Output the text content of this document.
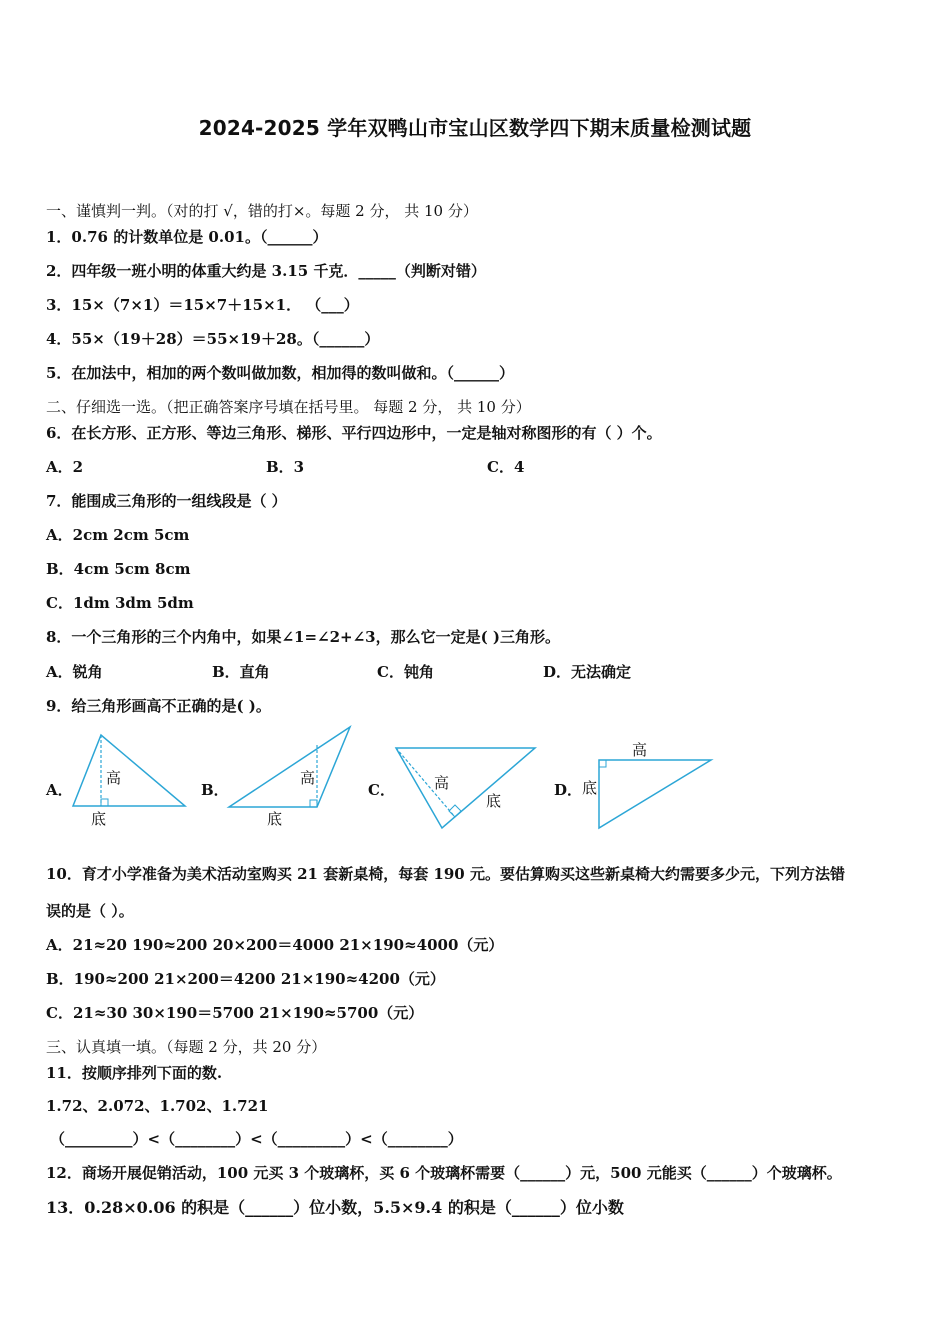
2024-2025 学年双鸭山市宝山区数学四下期末质量检测试题
一、谨慎判一判。（对的打 √，错的打×。每题 2 分， 共 10 分）
1．0.76 的计数单位是 0.01。（______）
2．四年级一班小明的体重大约是 3.15 千克．_____（判断对错）
3．15×（7×1）＝15×7＋15×1． （___）
4．55×（19＋28）＝55×19＋28。（______）
5．在加法中，相加的两个数叫做加数，相加得的数叫做和。（______）
二、仔细选一选。（把正确答案序号填在括号里。 每题 2 分， 共 10 分）
6．在长方形、正方形、等边三角形、梯形、平行四边形中，一定是轴对称图形的有（ ）个。
A．2	B．3	C．4
7．能围成三角形的一组线段是（ ）
A．2cm 2cm 5cm
B．4cm 5cm 8cm
C．1dm 3dm 5dm
8．一个三角形的三个内角中，如果∠1=∠2+∠3，那么它一定是( )三角形。
A．锐角	B．直角	C．钝角	D．无法确定
9．给三角形画高不正确的是( )。
A．	B．	C．	D．
高
底
高
底
高
底
高
底
10．育才小学准备为美术活动室购买 21 套新桌椅，每套 190 元。要估算购买这些新桌椅大约需要多少元，下列方法错
误的是（ ）。
A．21≈20 190≈200 20×200＝4000 21×190≈4000（元）
B．190≈200 21×200＝4200 21×190≈4200（元）
C．21≈30 30×190＝5700 21×190≈5700（元）
三、认真填一填。（每题 2 分，共 20 分）
11．按顺序排列下面的数.
1.72、2.072、1.702、1.721
（_________）<（________）<（_________）<（________）
12．商场开展促销活动，100 元买 3 个玻璃杯，买 6 个玻璃杯需要（______）元，500 元能买（______）个玻璃杯。
13．0.28×0.06 的积是（______）位小数，5.5×9.4 的积是（______）位小数
